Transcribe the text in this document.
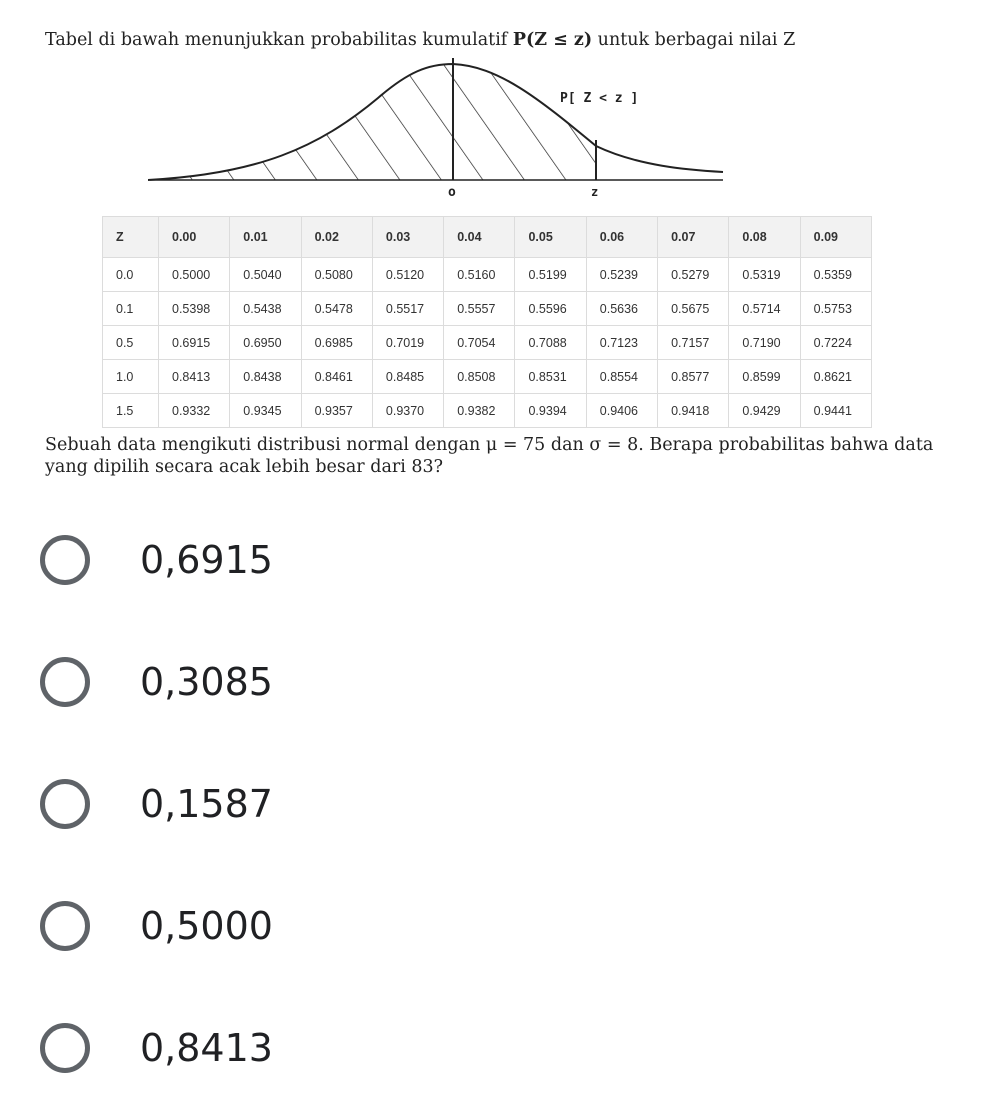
Tabel di bawah menunjukkan probabilitas kumulatif P(Z ≤ z) untuk berbagai nilai Z
P[ Z < z ]
o	z
Z	0.00	0.01	0.02	0.03	0.04	0.05	0.06	0.07	0.08	0.09
0.0	0.5000	0.5040	0.5080	0.5120	0.5160	0.5199	0.5239	0.5279	0.5319	0.5359
0.1	0.5398	0.5438	0.5478	0.5517	0.5557	0.5596	0.5636	0.5675	0.5714	0.5753
0.5	0.6915	0.6950	0.6985	0.7019	0.7054	0.7088	0.7123	0.7157	0.7190	0.7224
1.0	0.8413	0.8438	0.8461	0.8485	0.8508	0.8531	0.8554	0.8577	0.8599	0.8621
1.5	0.9332	0.9345	0.9357	0.9370	0.9382	0.9394	0.9406	0.9418	0.9429	0.9441
Sebuah data mengikuti distribusi normal dengan μ = 75 dan σ = 8. Berapa probabilitas bahwa data
yang dipilih secara acak lebih besar dari 83?
0,6915
0,3085
0,1587
0,5000
0,8413
